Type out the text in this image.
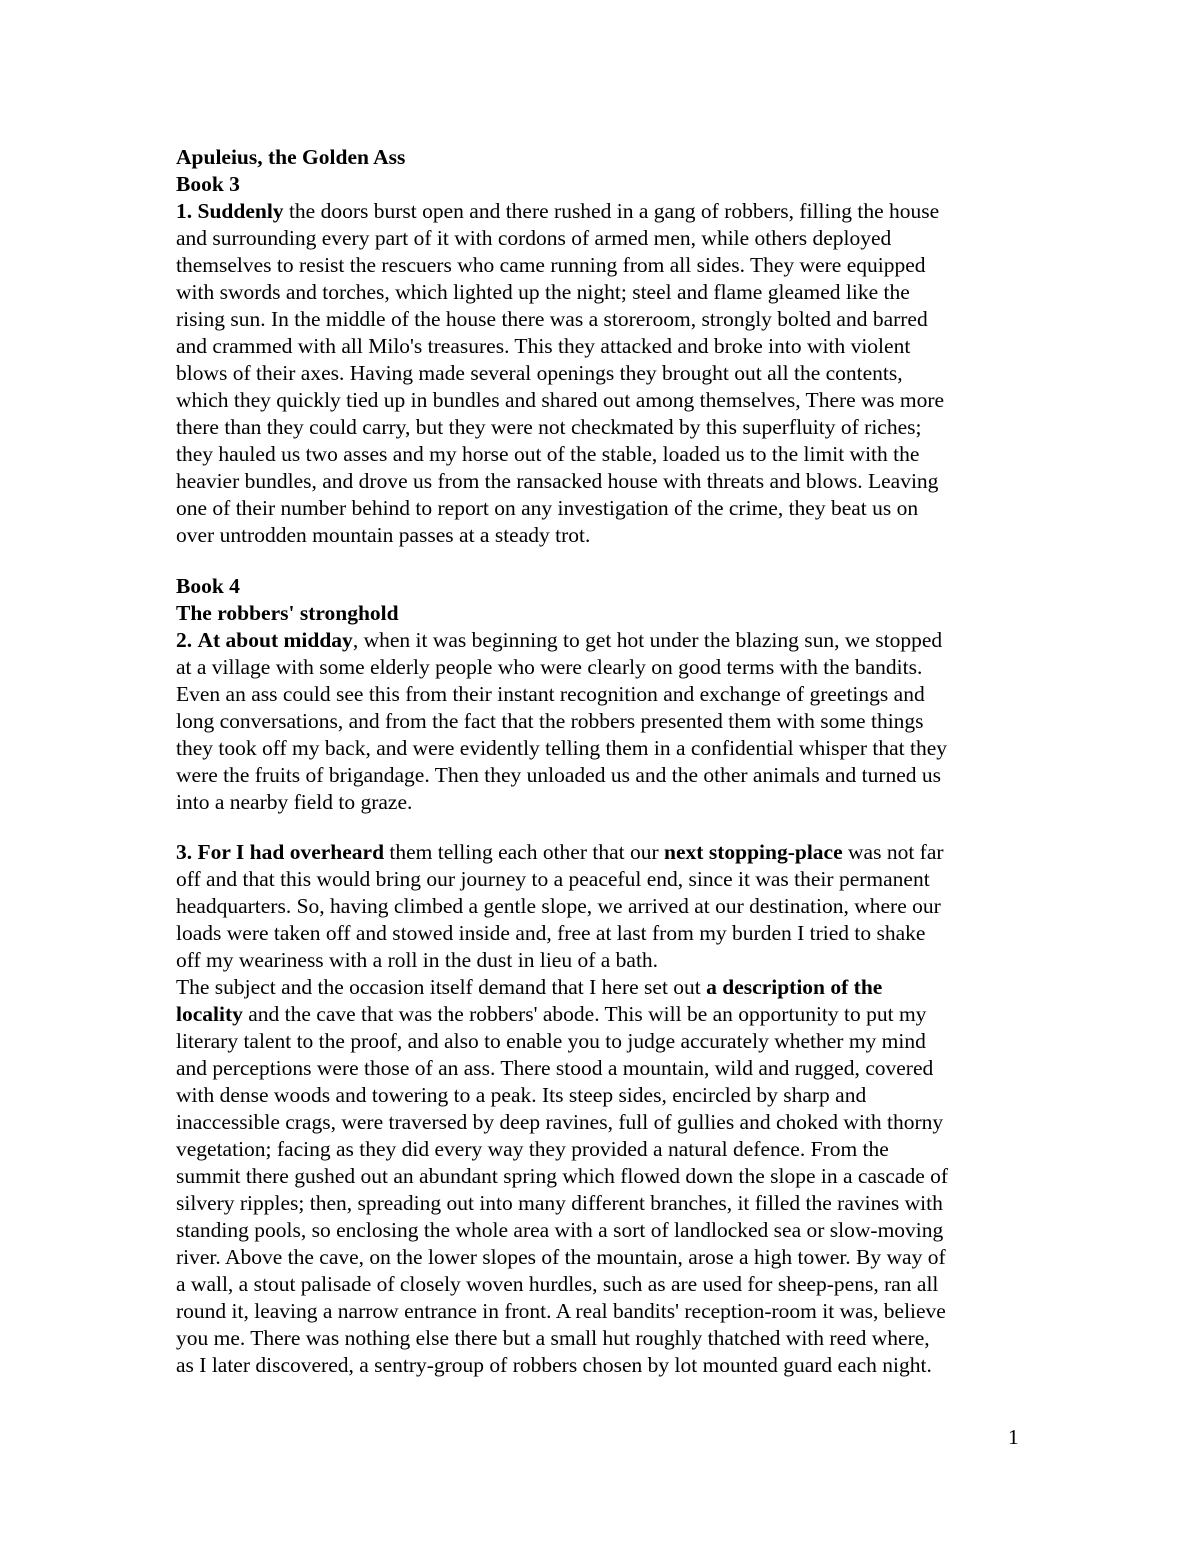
Apuleius, the Golden Ass
Book 3
1. Suddenly the doors burst open and there rushed in a gang of robbers, filling the house
and surrounding every part of it with cordons of armed men, while others deployed
themselves to resist the rescuers who came running from all sides. They were equipped
with swords and torches, which lighted up the night; steel and flame gleamed like the
rising sun. In the middle of the house there was a storeroom, strongly bolted and barred
and crammed with all Milo's treasures. This they attacked and broke into with violent
blows of their axes. Having made several openings they brought out all the contents,
which they quickly tied up in bundles and shared out among themselves, There was more
there than they could carry, but they were not checkmated by this superfluity of riches;
they hauled us two asses and my horse out of the stable, loaded us to the limit with the
heavier bundles, and drove us from the ransacked house with threats and blows. Leaving
one of their number behind to report on any investigation of the crime, they beat us on
over untrodden mountain passes at a steady trot.
Book 4
The robbers' stronghold
2. At about midday, when it was beginning to get hot under the blazing sun, we stopped
at a village with some elderly people who were clearly on good terms with the bandits.
Even an ass could see this from their instant recognition and exchange of greetings and
long conversations, and from the fact that the robbers presented them with some things
they took off my back, and were evidently telling them in a confidential whisper that they
were the fruits of brigandage. Then they unloaded us and the other animals and turned us
into a nearby field to graze.
3. For I had overheard them telling each other that our next stopping-place was not far
off and that this would bring our journey to a peaceful end, since it was their permanent
headquarters. So, having climbed a gentle slope, we arrived at our destination, where our
loads were taken off and stowed inside and, free at last from my burden I tried to shake
off my weariness with a roll in the dust in lieu of a bath.
The subject and the occasion itself demand that I here set out a description of the
locality and the cave that was the robbers' abode. This will be an opportunity to put my
literary talent to the proof, and also to enable you to judge accurately whether my mind
and perceptions were those of an ass. There stood a mountain, wild and rugged, covered
with dense woods and towering to a peak. Its steep sides, encircled by sharp and
inaccessible crags, were traversed by deep ravines, full of gullies and choked with thorny
vegetation; facing as they did every way they provided a natural defence. From the
summit there gushed out an abundant spring which flowed down the slope in a cascade of
silvery ripples; then, spreading out into many different branches, it filled the ravines with
standing pools, so enclosing the whole area with a sort of landlocked sea or slow-moving
river. Above the cave, on the lower slopes of the mountain, arose a high tower. By way of
a wall, a stout palisade of closely woven hurdles, such as are used for sheep-pens, ran all
round it, leaving a narrow entrance in front. A real bandits' reception-room it was, believe
you me. There was nothing else there but a small hut roughly thatched with reed where,
as I later discovered, a sentry-group of robbers chosen by lot mounted guard each night.
1
